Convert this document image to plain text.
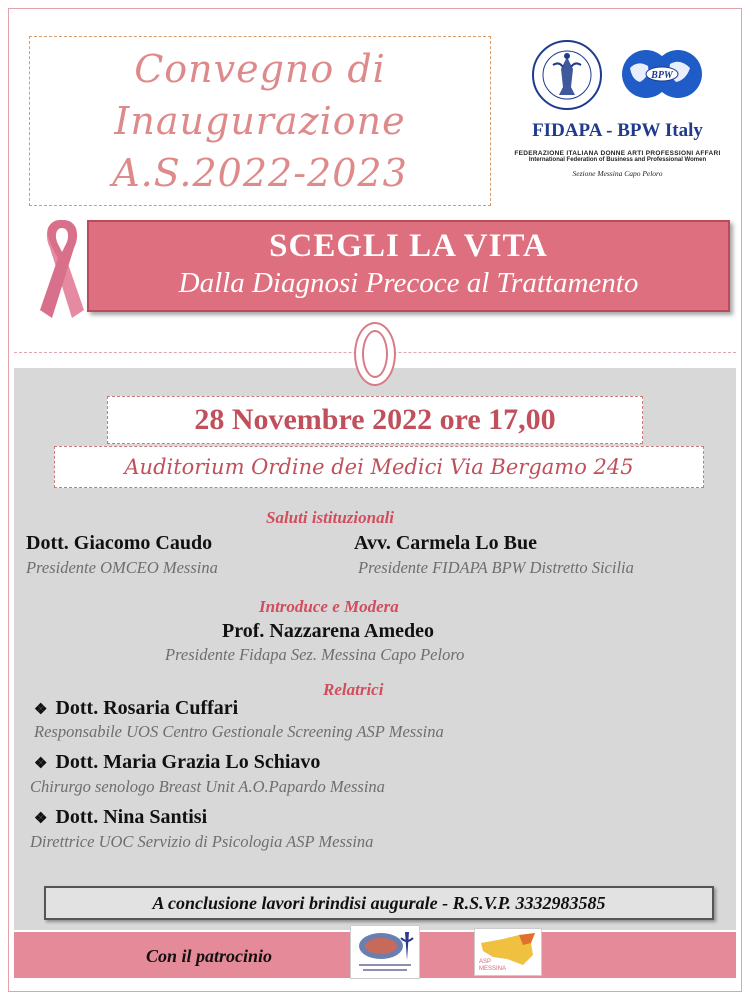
Convegno di
Inaugurazione
A.S.2022-2023
BPW
FIDAPA - BPW Italy
FEDERAZIONE ITALIANA DONNE ARTI PROFESSIONI AFFARI
International Federation of Business and Professional Women
Sezione Messina Capo Peloro
SCEGLI LA VITA
Dalla Diagnosi Precoce al Trattamento
28 Novembre 2022 ore 17,00
Auditorium Ordine dei Medici Via Bergamo 245
Saluti istituzionali
Dott. Giacomo Caudo
Presidente OMCEO Messina
Avv. Carmela Lo Bue
Presidente FIDAPA BPW Distretto Sicilia
Introduce e Modera
Prof. Nazzarena Amedeo
Presidente Fidapa Sez. Messina Capo Peloro
Relatrici
❖ Dott. Rosaria Cuffari
Responsabile UOS Centro Gestionale Screening ASP Messina
❖ Dott. Maria Grazia Lo Schiavo
Chirurgo senologo Breast Unit A.O.Papardo Messina
❖ Dott. Nina Santisi
Direttrice UOC Servizio di Psicologia ASP Messina
A conclusione lavori brindisi augurale - R.S.V.P. 3332983585
Con il patrocinio	ASP
MESSINA
